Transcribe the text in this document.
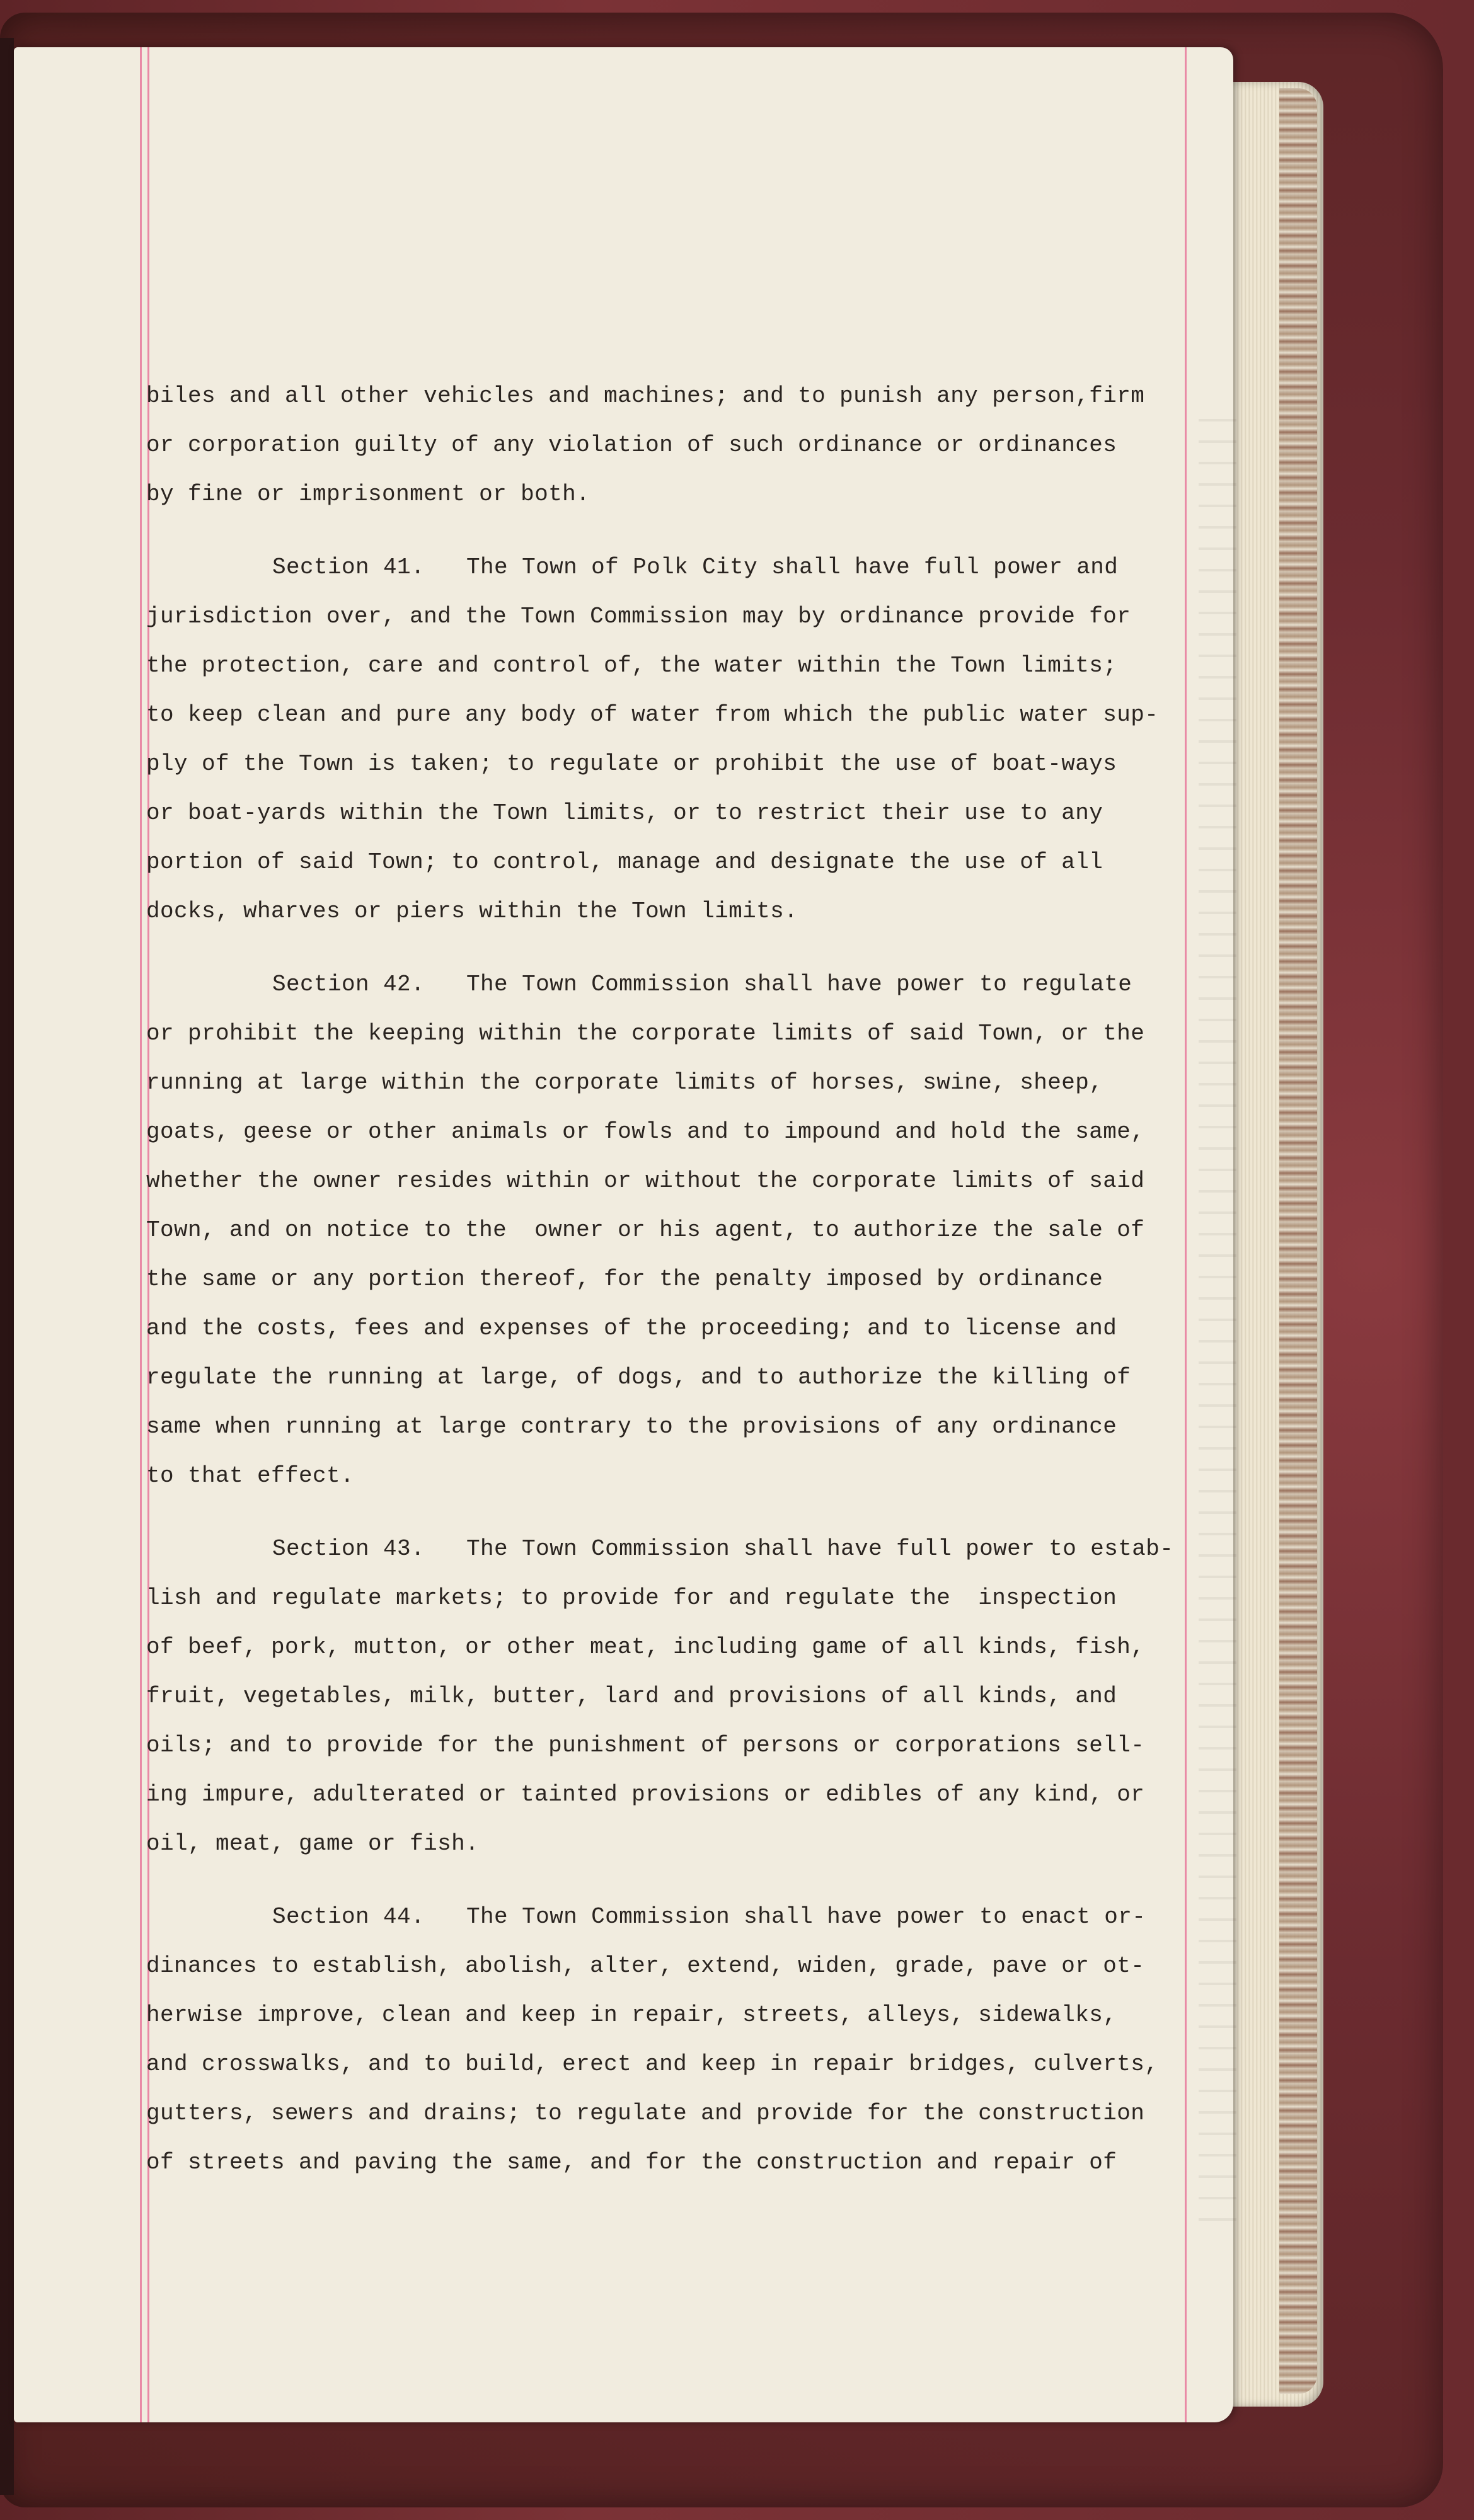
biles and all other vehicles and machines; and to punish any person,firm
or corporation guilty of any violation of such ordinance or ordinances
by fine or imprisonment or both.
Section 41.   The Town of Polk City shall have full power and
jurisdiction over, and the Town Commission may by ordinance provide for
the protection, care and control of, the water within the Town limits;
to keep clean and pure any body of water from which the public water sup-
ply of the Town is taken; to regulate or prohibit the use of boat-ways
or boat-yards within the Town limits, or to restrict their use to any
portion of said Town; to control, manage and designate the use of all
docks, wharves or piers within the Town limits.
Section 42.   The Town Commission shall have power to regulate
or prohibit the keeping within the corporate limits of said Town, or the
running at large within the corporate limits of horses, swine, sheep,
goats, geese or other animals or fowls and to impound and hold the same,
whether the owner resides within or without the corporate limits of said
Town, and on notice to the  owner or his agent, to authorize the sale of
the same or any portion thereof, for the penalty imposed by ordinance
and the costs, fees and expenses of the proceeding; and to license and
regulate the running at large, of dogs, and to authorize the killing of
same when running at large contrary to the provisions of any ordinance
to that effect.
Section 43.   The Town Commission shall have full power to estab-
lish and regulate markets; to provide for and regulate the  inspection
of beef, pork, mutton, or other meat, including game of all kinds, fish,
fruit, vegetables, milk, butter, lard and provisions of all kinds, and
oils; and to provide for the punishment of persons or corporations sell-
ing impure, adulterated or tainted provisions or edibles of any kind, or
oil, meat, game or fish.
Section 44.   The Town Commission shall have power to enact or-
dinances to establish, abolish, alter, extend, widen, grade, pave or ot-
herwise improve, clean and keep in repair, streets, alleys, sidewalks,
and crosswalks, and to build, erect and keep in repair bridges, culverts,
gutters, sewers and drains; to regulate and provide for the construction
of streets and paving the same, and for the construction and repair of
